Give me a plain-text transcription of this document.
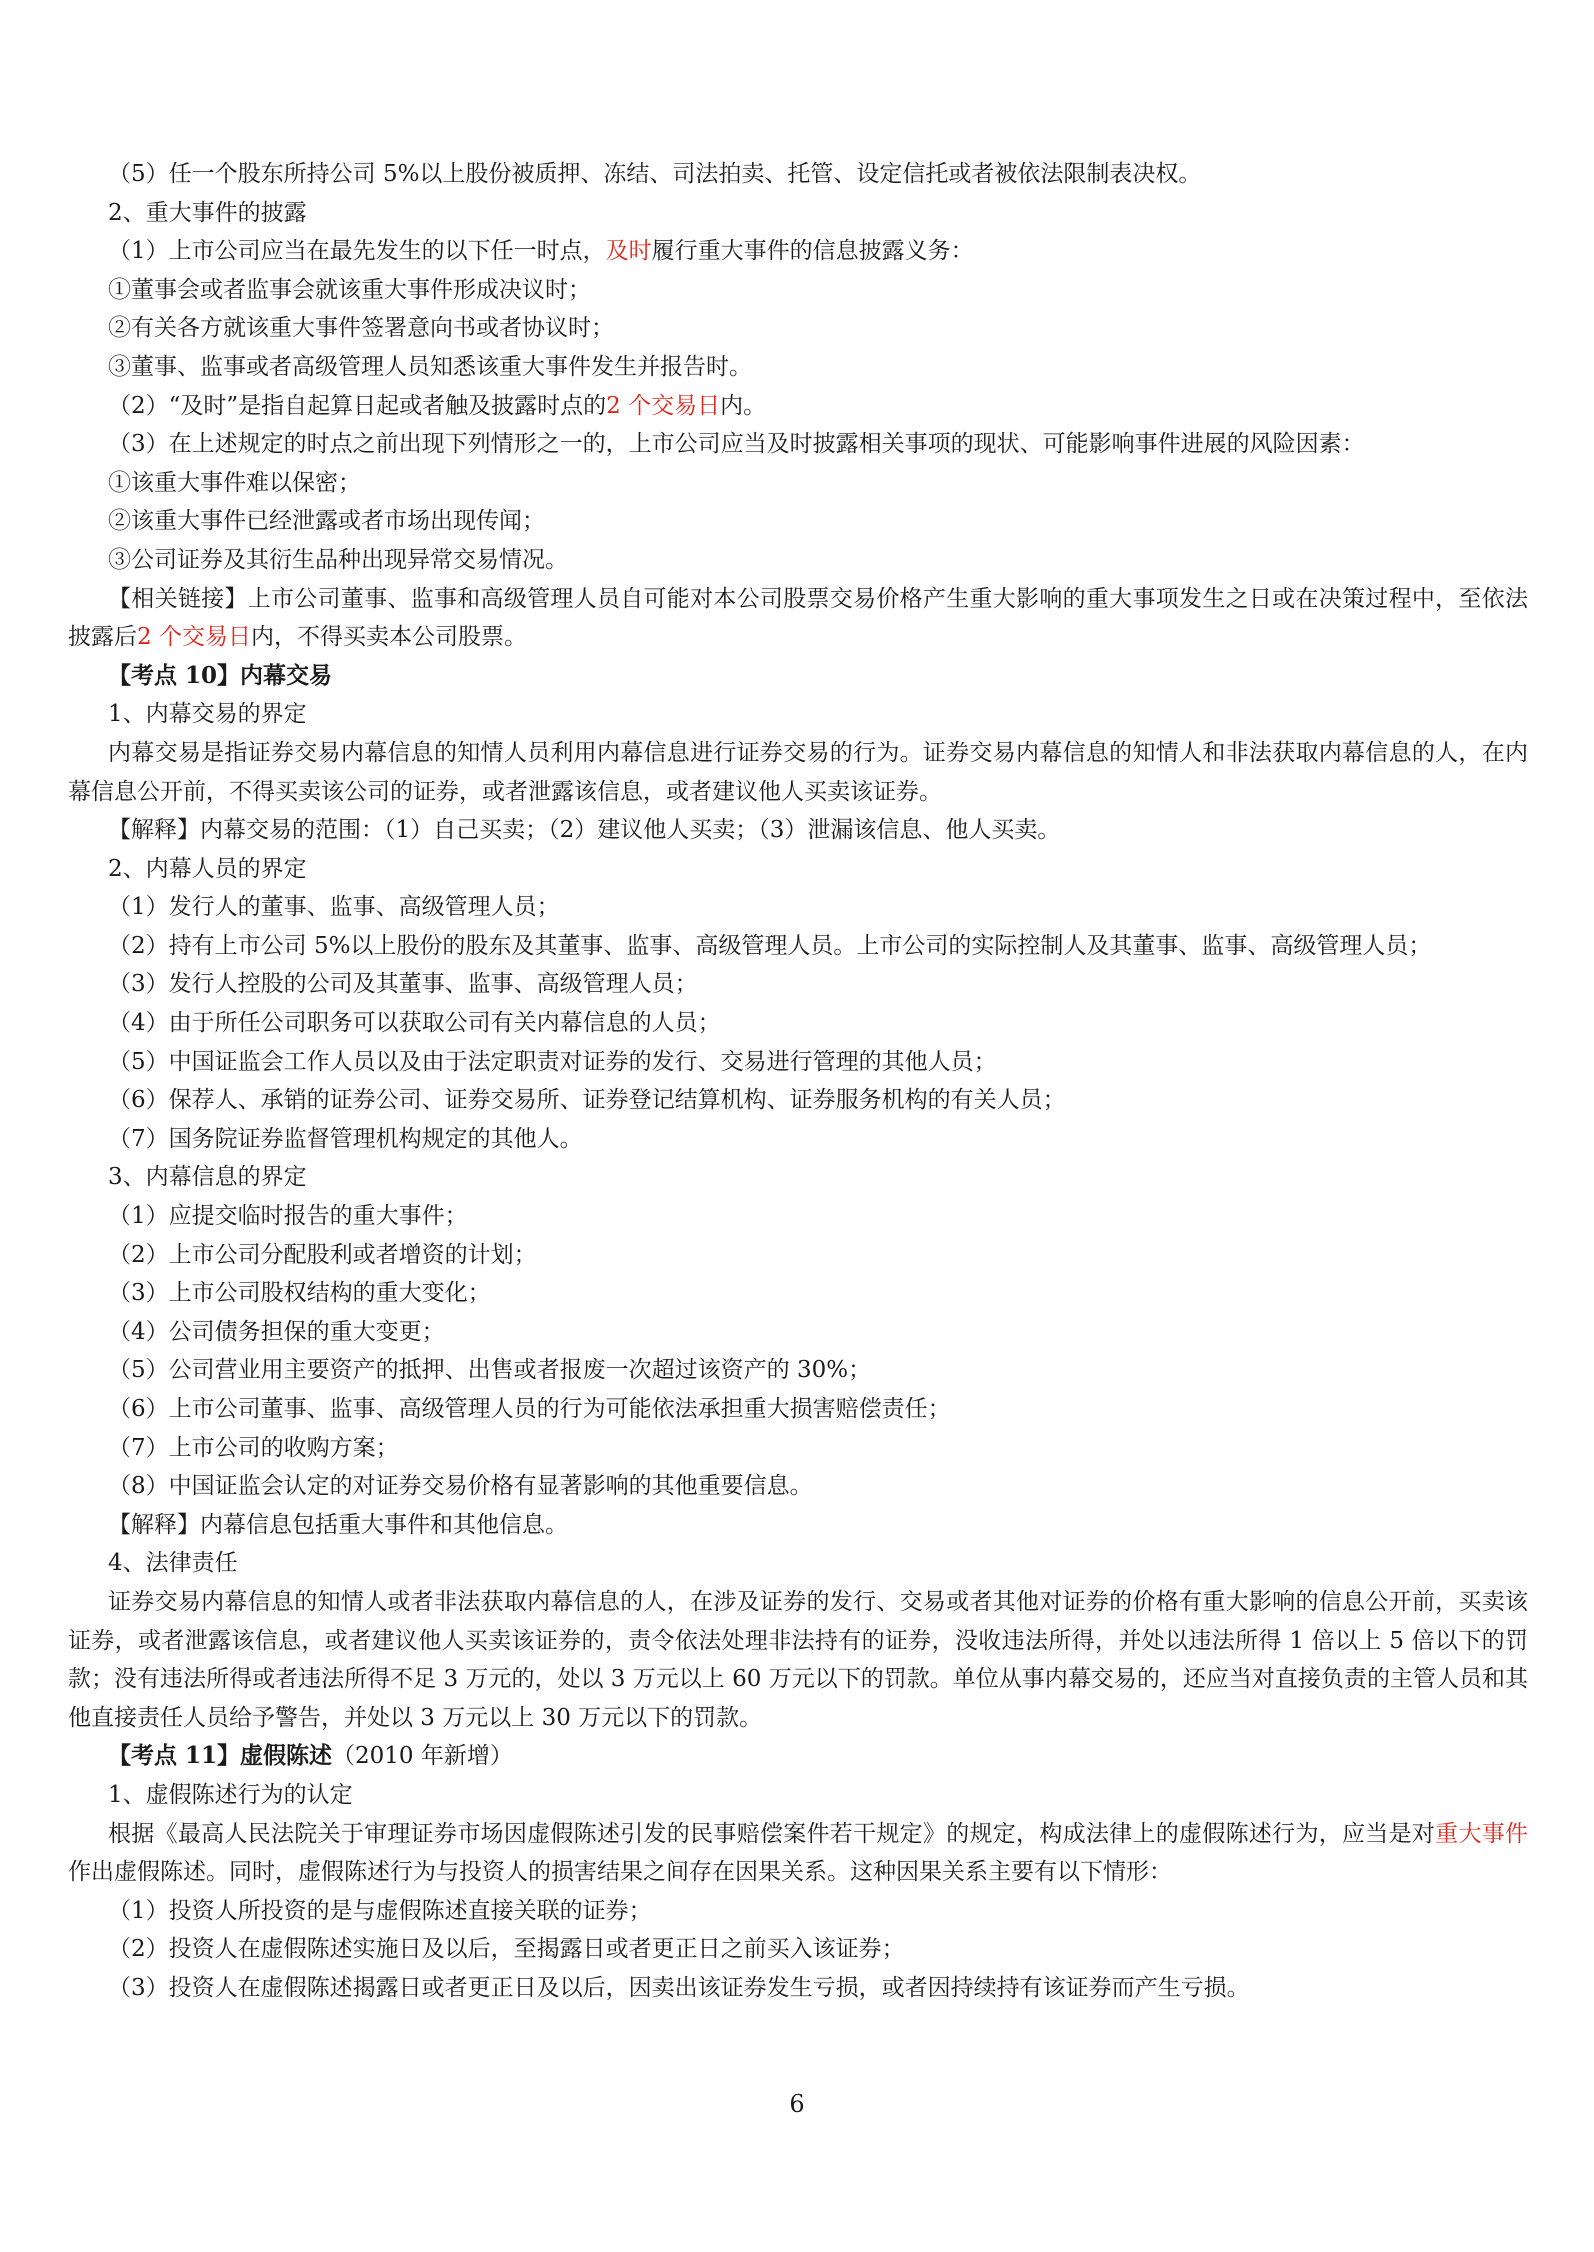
（5）任一个股东所持公司 5%以上股份被质押、冻结、司法拍卖、托管、设定信托或者被依法限制表决权。
2、重大事件的披露
（1）上市公司应当在最先发生的以下任一时点，及时履行重大事件的信息披露义务：
①董事会或者监事会就该重大事件形成决议时；
②有关各方就该重大事件签署意向书或者协议时；
③董事、监事或者高级管理人员知悉该重大事件发生并报告时。
（2）“及时”是指自起算日起或者触及披露时点的2 个交易日内。
（3）在上述规定的时点之前出现下列情形之一的，上市公司应当及时披露相关事项的现状、可能影响事件进展的风险因素：
①该重大事件难以保密；
②该重大事件已经泄露或者市场出现传闻；
③公司证券及其衍生品种出现异常交易情况。
【相关链接】上市公司董事、监事和高级管理人员自可能对本公司股票交易价格产生重大影响的重大事项发生之日或在决策过程中，至依法披露后2 个交易日内，不得买卖本公司股票。
【考点 10】内幕交易
1、内幕交易的界定
内幕交易是指证券交易内幕信息的知情人员利用内幕信息进行证券交易的行为。证券交易内幕信息的知情人和非法获取内幕信息的人，在内幕信息公开前，不得买卖该公司的证券，或者泄露该信息，或者建议他人买卖该证券。
【解释】内幕交易的范围：（1）自己买卖；（2）建议他人买卖；（3）泄漏该信息、他人买卖。
2、内幕人员的界定
（1）发行人的董事、监事、高级管理人员；
（2）持有上市公司 5%以上股份的股东及其董事、监事、高级管理人员。上市公司的实际控制人及其董事、监事、高级管理人员；
（3）发行人控股的公司及其董事、监事、高级管理人员；
（4）由于所任公司职务可以获取公司有关内幕信息的人员；
（5）中国证监会工作人员以及由于法定职责对证券的发行、交易进行管理的其他人员；
（6）保荐人、承销的证券公司、证券交易所、证券登记结算机构、证券服务机构的有关人员；
（7）国务院证券监督管理机构规定的其他人。
3、内幕信息的界定
（1）应提交临时报告的重大事件；
（2）上市公司分配股利或者增资的计划；
（3）上市公司股权结构的重大变化；
（4）公司债务担保的重大变更；
（5）公司营业用主要资产的抵押、出售或者报废一次超过该资产的 30%；
（6）上市公司董事、监事、高级管理人员的行为可能依法承担重大损害赔偿责任；
（7）上市公司的收购方案；
（8）中国证监会认定的对证券交易价格有显著影响的其他重要信息。
【解释】内幕信息包括重大事件和其他信息。
4、法律责任
证券交易内幕信息的知情人或者非法获取内幕信息的人，在涉及证券的发行、交易或者其他对证券的价格有重大影响的信息公开前，买卖该证券，或者泄露该信息，或者建议他人买卖该证券的，责令依法处理非法持有的证券，没收违法所得，并处以违法所得 1 倍以上 5 倍以下的罚款；没有违法所得或者违法所得不足 3 万元的，处以 3 万元以上 60 万元以下的罚款。单位从事内幕交易的，还应当对直接负责的主管人员和其他直接责任人员给予警告，并处以 3 万元以上 30 万元以下的罚款。
【考点 11】虚假陈述（2010 年新增）
1、虚假陈述行为的认定
根据《最高人民法院关于审理证券市场因虚假陈述引发的民事赔偿案件若干规定》的规定，构成法律上的虚假陈述行为，应当是对重大事件作出虚假陈述。同时，虚假陈述行为与投资人的损害结果之间存在因果关系。这种因果关系主要有以下情形：
（1）投资人所投资的是与虚假陈述直接关联的证券；
（2）投资人在虚假陈述实施日及以后，至揭露日或者更正日之前买入该证券；
（3）投资人在虚假陈述揭露日或者更正日及以后，因卖出该证券发生亏损，或者因持续持有该证券而产生亏损。
6
